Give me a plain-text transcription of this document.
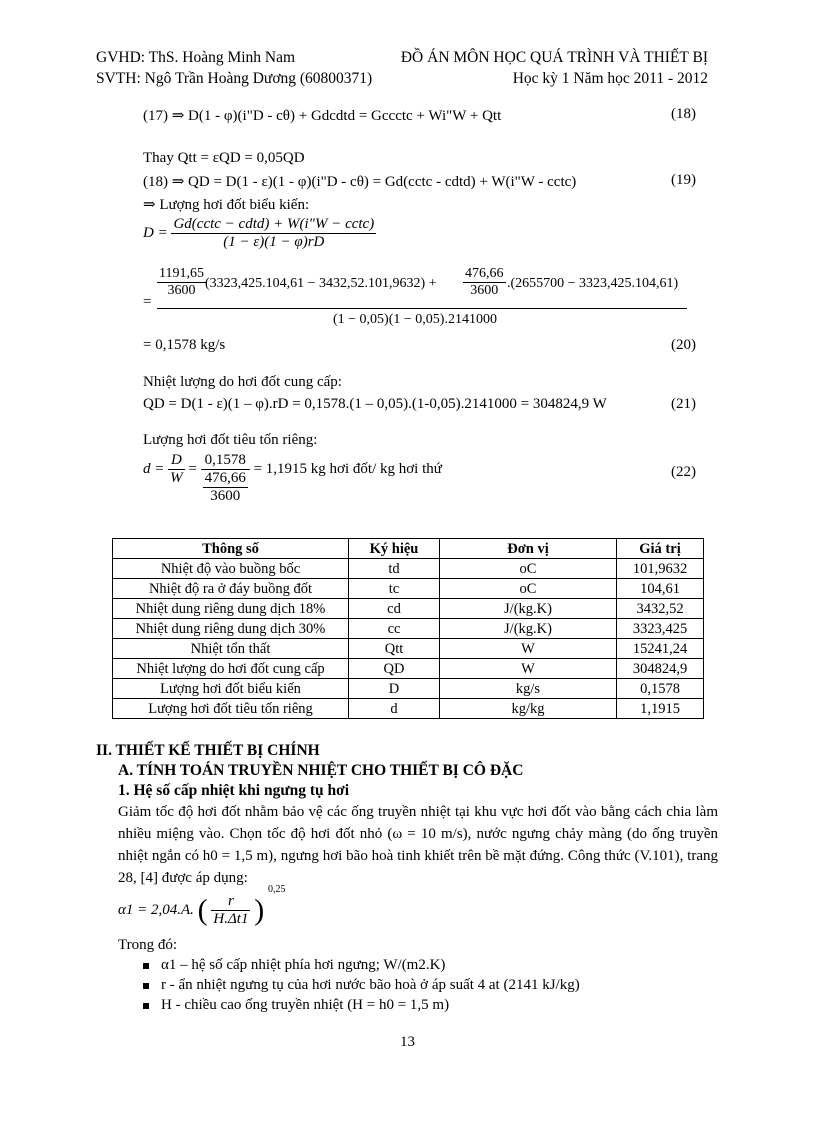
GVHD: ThS. Hoàng Minh Nam	ĐỒ ÁN MÔN HỌC QUÁ TRÌNH VÀ THIẾT BỊ
SVTH: Ngô Trần Hoàng Dương (60800371)	Học kỳ 1 Năm học 2011 - 2012
(17) ⇒ D(1 - φ)(i"D - cθ) + Gdcdtd = Gccctc + Wi"W + Qtt	(18)
Thay Qtt = εQD = 0,05QD
(18) ⇒ QD = D(1 - ε)(1 - φ)(i"D - cθ) = Gd(cctc - cdtd) + W(i"W - cctc)	(19)
⇒ Lượng hơi đốt biểu kiến:
$D = \frac{\text{Gd(cctc − cdtd) + W(i"W − cctc)}}{(1 - \varepsilon)(1 - \varphi)rD}$
=
$\frac{1191,65}{3600} (3323,425.104,61 - 3432,52.101,9632) + \frac{476,66}{3600} .(2655700 - 3323,425.104,61)$
(1 − 0,05)(1 − 0,05).2141000
= 0,1578 kg/s	(20)
Nhiệt lượng do hơi đốt cung cấp:
QD = D(1 - ε)(1 – φ).rD = 0,1578.(1 – 0,05).(1-0,05).2141000 = 304824,9 W	(21)
Lượng hơi đốt tiêu tốn riêng:
$d = \frac{D}{W} = \frac{0,1578}{\frac{476,66}{3600}} = 1,1915$ kg hơi đốt/ kg hơi thứ	(22)
Thông số	Ký hiệu	Đơn vị	Giá trị
Nhiệt độ vào buồng bốc	td	oC	101,9632
Nhiệt độ ra ở đáy buồng đốt	tc	oC	104,61
Nhiệt dung riêng dung dịch 18%	cd	J/(kg.K)	3432,52
Nhiệt dung riêng dung dịch 30%	cc	J/(kg.K)	3323,425
Nhiệt tổn thất	Qtt	W	15241,24
Nhiệt lượng do hơi đốt cung cấp	QD	W	304824,9
Lượng hơi đốt biểu kiến	D	kg/s	0,1578
Lượng hơi đốt tiêu tốn riêng	d	kg/kg	1,1915
II. THIẾT KẾ THIẾT BỊ CHÍNH
A. TÍNH TOÁN TRUYỀN NHIỆT CHO THIẾT BỊ CÔ ĐẶC
1. Hệ số cấp nhiệt khi ngưng tụ hơi
Giảm tốc độ hơi đốt nhằm bảo vệ các ống truyền nhiệt tại khu vực hơi đốt vào bằng cách chia làm nhiều miệng vào. Chọn tốc độ hơi đốt nhỏ (ω = 10 m/s), nước ngưng chảy màng (do ống truyền nhiệt ngắn có h0 = 1,5 m), ngưng hơi bão hoà tinh khiết trên bề mặt đứng. Công thức (V.101), trang 28, [4] được áp dụng:
α1 = 2,04.A. ( $\frac{r}{H.\Delta t1}$ ) $^{0,25}$
Trong đó:
α1 – hệ số cấp nhiệt phía hơi ngưng; W/(m2.K)
r - ẩn nhiệt ngưng tụ của hơi nước bão hoà ở áp suất 4 at (2141 kJ/kg)
H - chiều cao ống truyền nhiệt (H = h0 = 1,5 m)
13
